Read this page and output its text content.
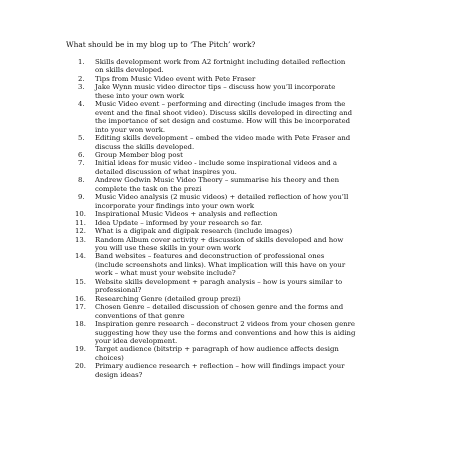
What should be in my blog up to ‘The Pitch’ work?
1.	Skills development work from A2 fortnight including detailed reflection
on skills developed.
2.	Tips from Music Video event with Pete Fraser
3.	Jake Wynn music video director tips – discuss how you’ll incorporate
these into your own work
4.	Music Video event – performing and directing (include images from the
event and the final shoot video). Discuss skills developed in directing and
the importance of set design and costume. How will this be incorporated
into your won work.
5.	Editing skills development – embed the video made with Pete Fraser and
discuss the skills developed.
6.	Group Member blog post
7.	Initial ideas for music video - include some inspirational videos and a
detailed discussion of what inspires you.
8.	Andrew Godwin Music Video Theory – summarise his theory and then
complete the task on the prezi
9.	Music Video analysis (2 music videos) + detailed reflection of how you’ll
incorporate your findings into your own work
10.	Inspirational Music Videos + analysis and reflection
11.	Idea Update – informed by your research so far.
12.	What is a digipak and digipak research (include images)
13.	Random Album cover activity + discussion of skills developed and how
you will use these skills in your own work
14.	Band websites – features and deconstruction of professional ones
(include screenshots and links). What implication will this have on your
work – what must your website include?
15.	Website skills development + paragh analysis – how is yours similar to
professional?
16.	Researching Genre (detailed group prezi)
17.	Chosen Genre – detailed discussion of chosen genre and the forms and
conventions of that genre
18.	Inspiration genre research – deconstruct 2 videos from your chosen genre
suggesting how they use the forms and conventions and how this is aiding
your idea development.
19.	Target audience (bitstrip + paragraph of how audience affects design
choices)
20.	Primary audience research + reflection – how will findings impact your
design ideas?
